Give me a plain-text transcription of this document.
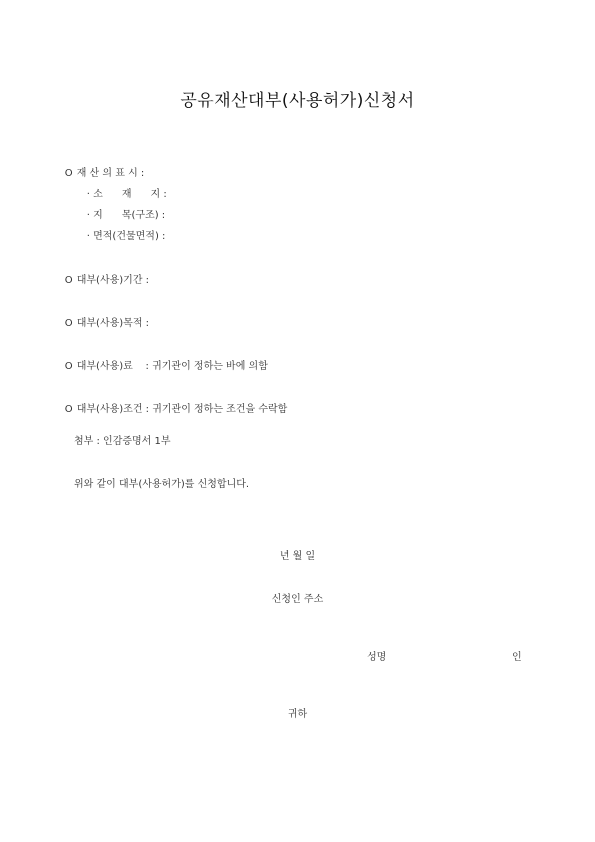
공유재산대부(사용허가)신청서

O 재 산 의 표 시 :

· 소      재      지 :

· 지      목(구조) :

· 면적(건물면적) :

O 대부(사용)기간 :

O 대부(사용)목적 :

O 대부(사용)료    : 귀기관이 정하는 바에 의함

O 대부(사용)조건 : 귀기관이 정하는 조건을 수락함

첨부 : 인감증명서 1부
위와 같이 대부(사용허가)를 신청합니다.
년 월 일
신청인 주소
성명	인
귀하
